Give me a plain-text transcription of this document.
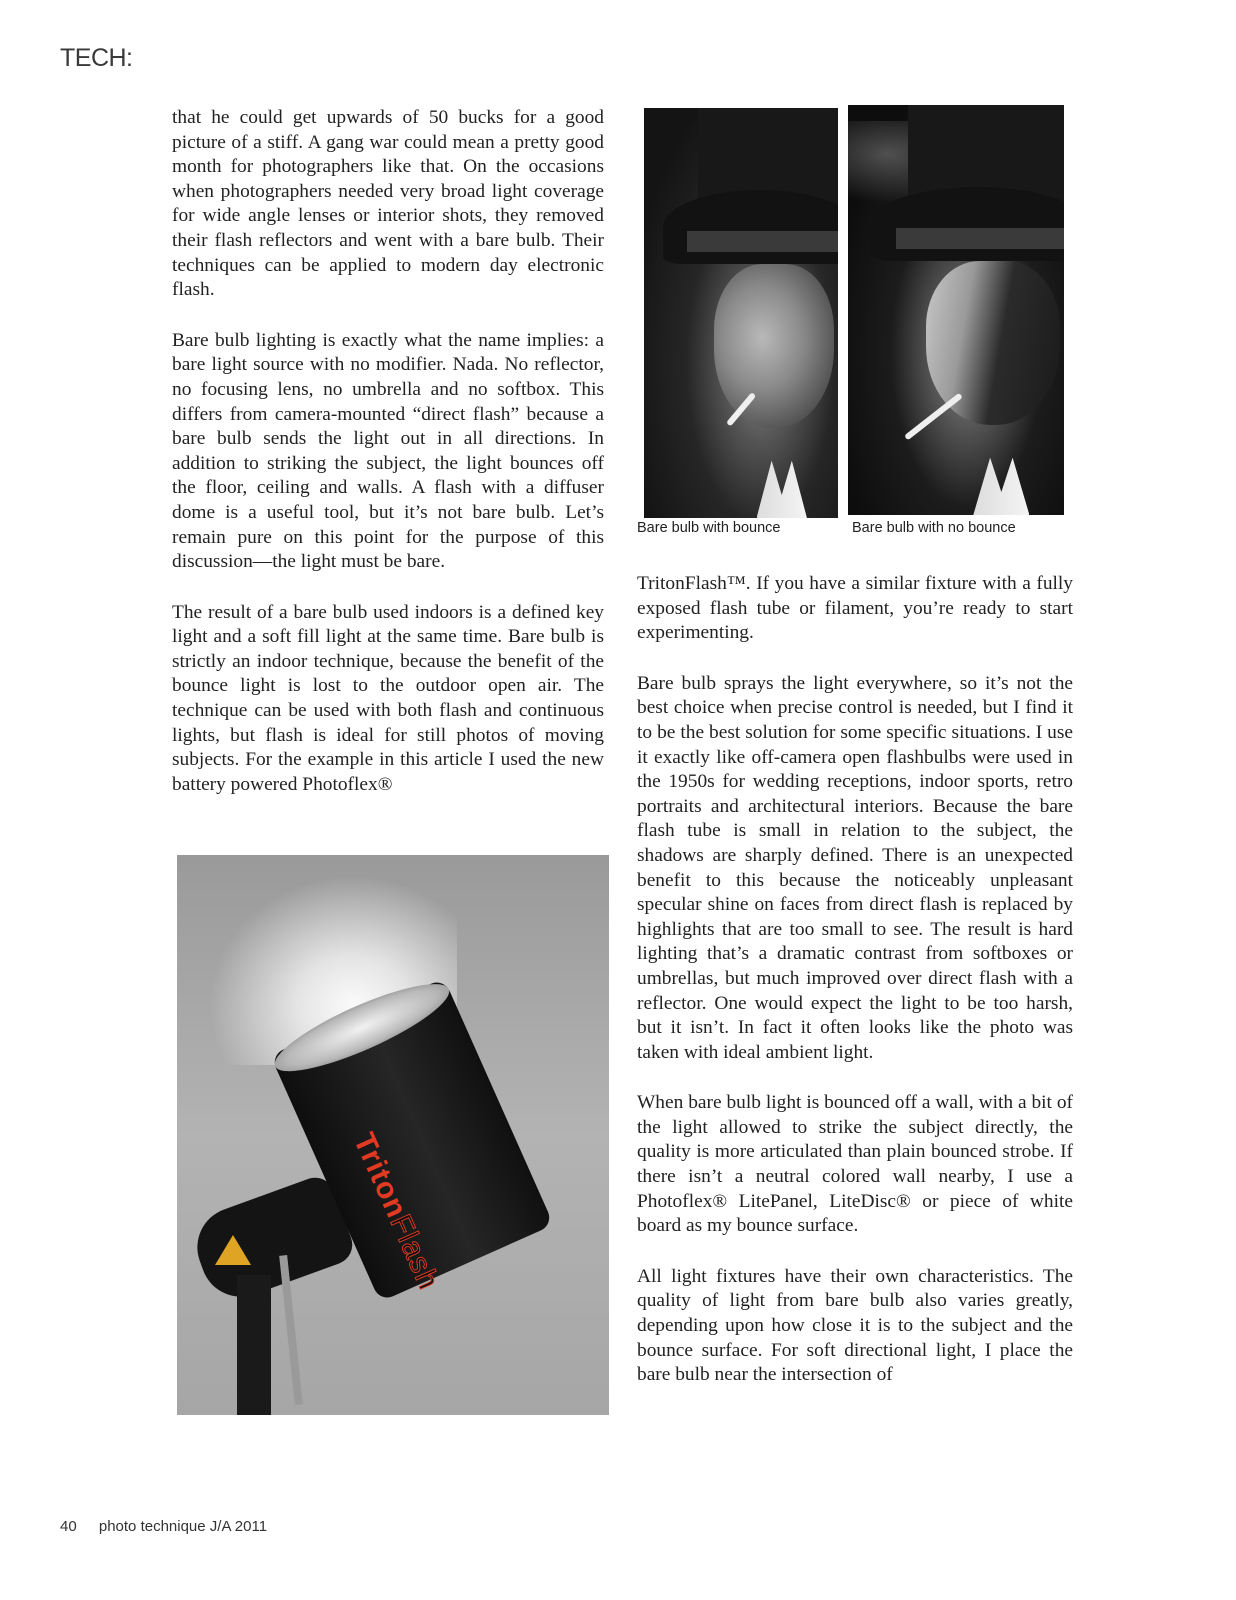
TECH:

that he could get upwards of 50 bucks for a good picture of a stiff. A gang war could mean a pretty good month for photographers like that. On the occasions when photographers needed very broad light coverage for wide angle lenses or interior shots, they removed their flash reflectors and went with a bare bulb. Their techniques can be applied to modern day electronic flash.

Bare bulb lighting is exactly what the name implies: a bare light source with no modifier. Nada. No reflector, no focusing lens, no umbrella and no softbox. This differs from camera-mounted “direct flash” because a bare bulb sends the light out in all directions. In addition to striking the subject, the light bounces off the floor, ceiling and walls. A flash with a diffuser dome is a useful tool, but it’s not bare bulb. Let’s remain pure on this point for the purpose of this discussion—the light must be bare.

The result of a bare bulb used indoors is a defined key light and a soft fill light at the same time. Bare bulb is strictly an indoor technique, because the benefit of the bounce light is lost to the outdoor open air. The technique can be used with both flash and continuous lights, but flash is ideal for still photos of moving subjects. For the example in this article I used the new battery powered Photoflex®

Bare bulb with bounce	Bare bulb with no bounce

TritonFlash™. If you have a similar fixture with a fully exposed flash tube or filament, you’re ready to start experimenting.

Bare bulb sprays the light everywhere, so it’s not the best choice when precise control is needed, but I find it to be the best solution for some specific situations. I use it exactly like off-camera open flashbulbs were used in the 1950s for wedding receptions, indoor sports, retro portraits and architectural interiors. Because the bare flash tube is small in relation to the subject, the shadows are sharply defined. There is an unexpected benefit to this because the noticeably unpleasant specular shine on faces from direct flash is replaced by highlights that are too small to see. The result is hard lighting that’s a dramatic contrast from softboxes or umbrellas, but much improved over direct flash with a reflector. One would expect the light to be too harsh, but it isn’t. In fact it often looks like the photo was taken with ideal ambient light.

When bare bulb light is bounced off a wall, with a bit of the light allowed to strike the subject directly, the quality is more articulated than plain bounced strobe. If there isn’t a neutral colored wall nearby, I use a Photoflex® LitePanel, LiteDisc® or piece of white board as my bounce surface.

All light fixtures have their own characteristics. The quality of light from bare bulb also varies greatly, depending upon how close it is to the subject and the bounce surface. For soft directional light, I place the bare bulb near the intersection of

TritonFlash
40 photo technique J/A 2011
